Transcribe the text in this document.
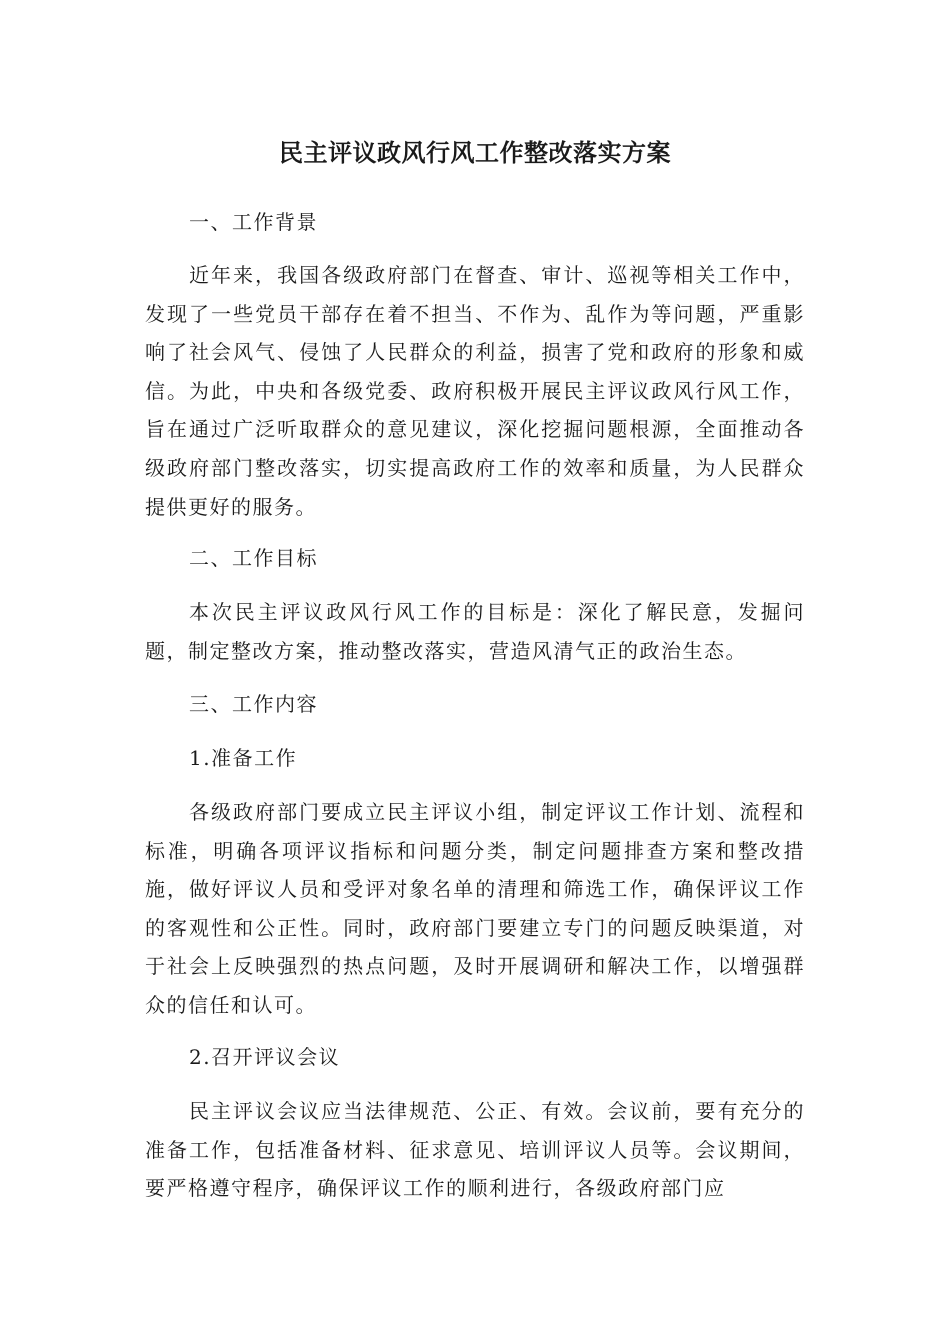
民主评议政风行风工作整改落实方案

一、工作背景

近年来，我国各级政府部门在督查、审计、巡视等相关工作中，发现了一些党员干部存在着不担当、不作为、乱作为等问题，严重影响了社会风气、侵蚀了人民群众的利益，损害了党和政府的形象和威信。为此，中央和各级党委、政府积极开展民主评议政风行风工作，旨在通过广泛听取群众的意见建议，深化挖掘问题根源，全面推动各级政府部门整改落实，切实提高政府工作的效率和质量，为人民群众提供更好的服务。

二、工作目标

本次民主评议政风行风工作的目标是：深化了解民意，发掘问题，制定整改方案，推动整改落实，营造风清气正的政治生态。

三、工作内容

1.准备工作

各级政府部门要成立民主评议小组，制定评议工作计划、流程和标准，明确各项评议指标和问题分类，制定问题排查方案和整改措施，做好评议人员和受评对象名单的清理和筛选工作，确保评议工作的客观性和公正性。同时，政府部门要建立专门的问题反映渠道，对于社会上反映强烈的热点问题，及时开展调研和解决工作，以增强群众的信任和认可。

2.召开评议会议

民主评议会议应当法律规范、公正、有效。会议前，要有充分的准备工作，包括准备材料、征求意见、培训评议人员等。会议期间，要严格遵守程序，确保评议工作的顺利进行，各级政府部门应
